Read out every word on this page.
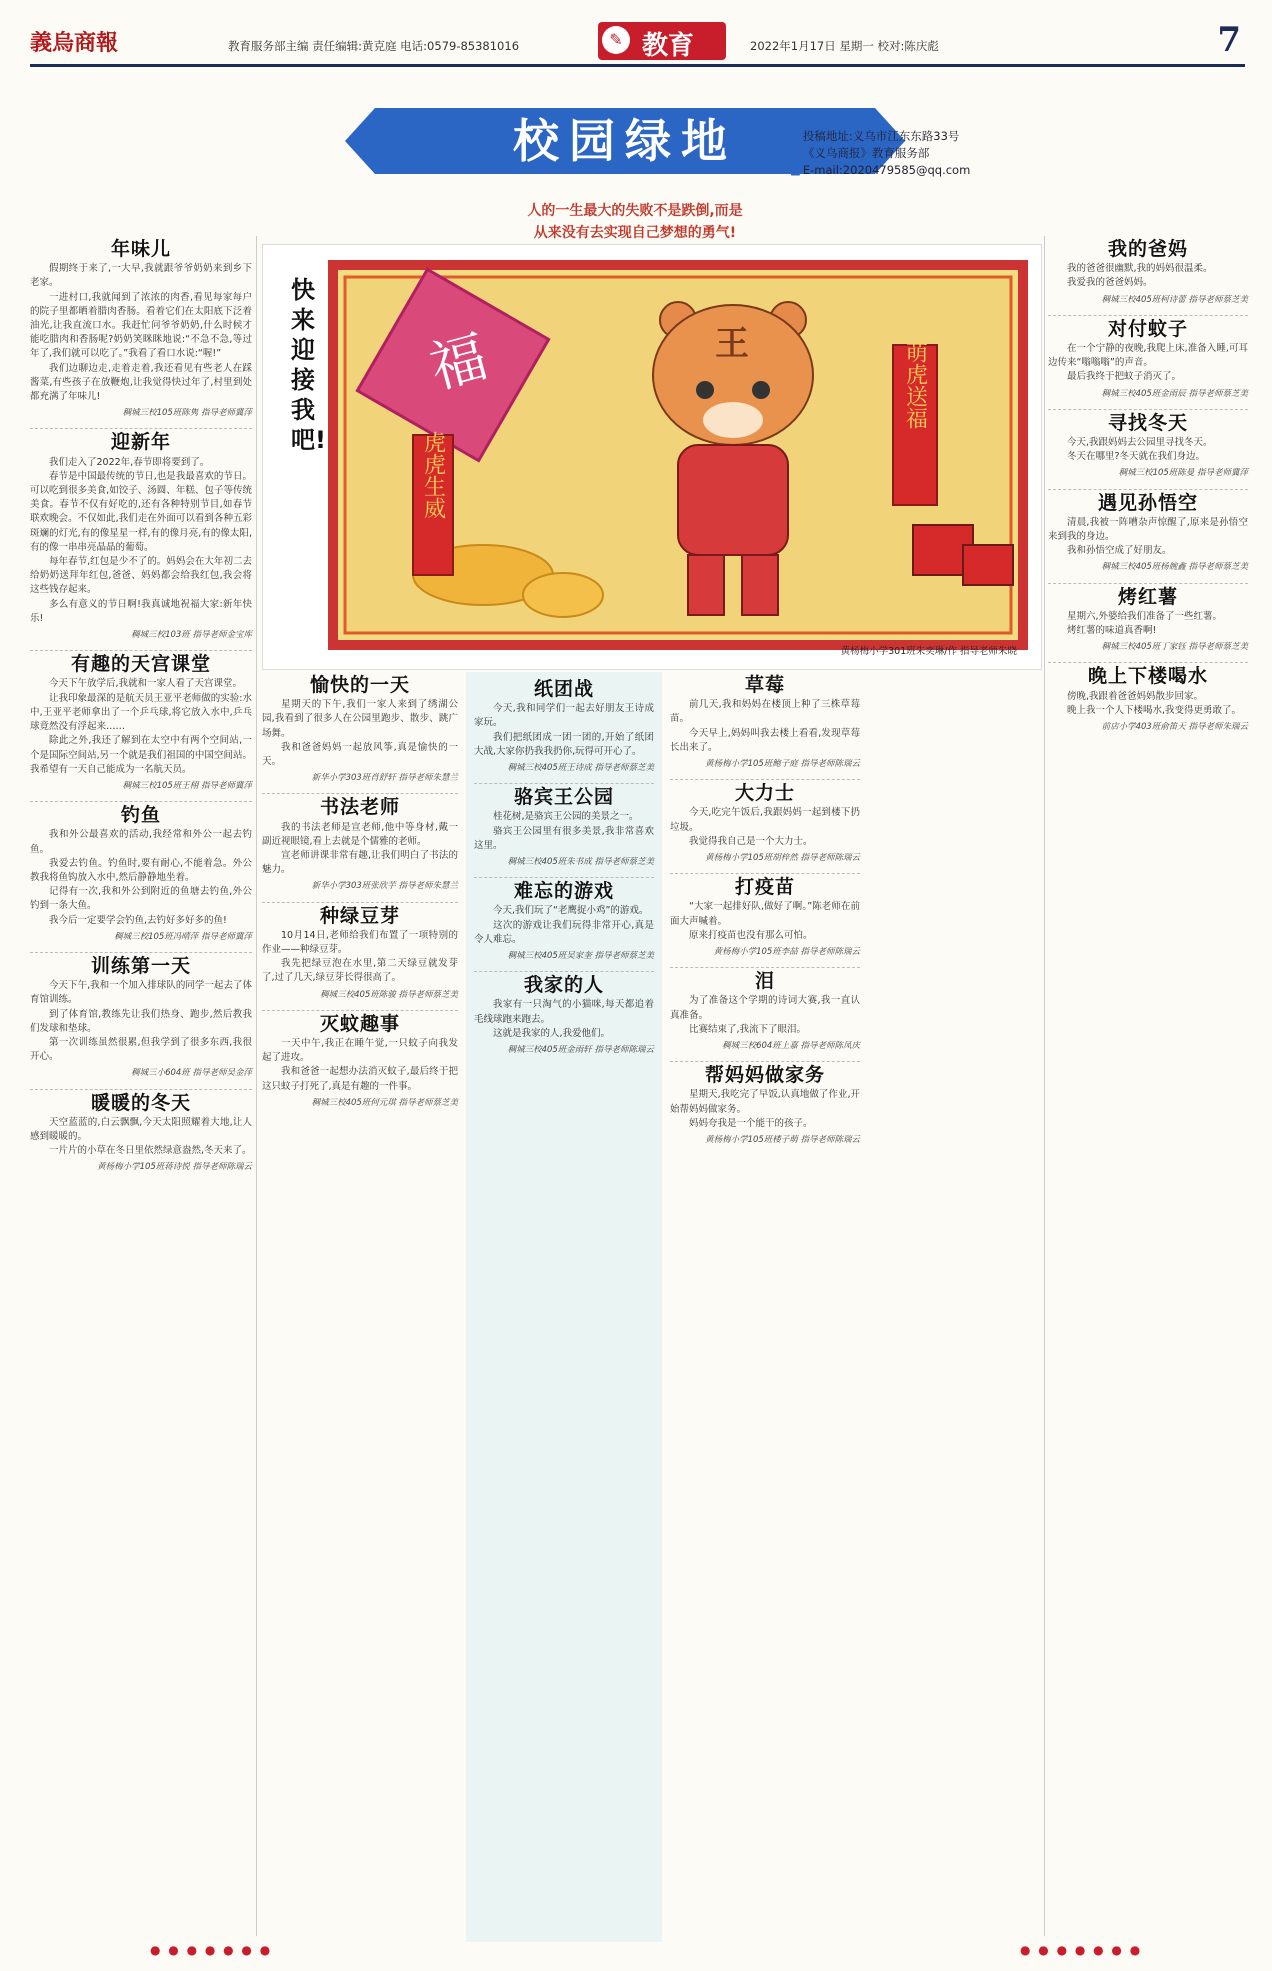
義烏商報	教育服务部主编 责任编辑:黄克庭 电话:0579-85381016	✎ 教育	2022年1月17日 星期一 校对:陈庆彪	7
校园绿地
■	投稿地址:义乌市江东东路33号
■ 《义乌商报》教育服务部
■ E-mail:2020479585@qq.com
人的一生最大的失败不是跌倒,而是
从来没有去实现自己梦想的勇气!
快来迎接我吧!
福
虎虎生威
萌虎送福
王
黄杨梅小学301班朱奕琳/作 指导老师朱晓
年味儿

假期终于来了,一大早,我就跟爷爷奶奶来到乡下老家。

一进村口,我就闻到了浓浓的肉香,看见每家每户的院子里都晒着腊肉香肠。看着它们在太阳底下泛着油光,让我直流口水。我赶忙问爷爷奶奶,什么时候才能吃腊肉和香肠呢?奶奶笑眯眯地说:“不急不急,等过年了,我们就可以吃了。”我看了看口水说:“喔!”

我们边聊边走,走着走着,我还看见有些老人在踩酱菜,有些孩子在放鞭炮,让我觉得快过年了,村里到处都充满了年味儿!

稠城三校105班陈隽 指导老师冀萍

迎新年

我们走入了2022年,春节即将要到了。

春节是中国最传统的节日,也是我最喜欢的节日。可以吃到很多美食,如饺子、汤圆、年糕、包子等传统美食。春节不仅有好吃的,还有各种特别节目,如春节联欢晚会。不仅如此,我们走在外面可以看到各种五彩斑斓的灯光,有的像星星一样,有的像月亮,有的像太阳,有的像一串串亮晶晶的葡萄。

每年春节,红包是少不了的。妈妈会在大年初二去给奶奶送拜年红包,爸爸、妈妈都会给我红包,我会将这些钱存起来。

多么有意义的节日啊!我真诚地祝福大家:新年快乐!

稠城三校103班 指导老师金宝库

有趣的天宫课堂

今天下午放学后,我就和一家人看了天宫课堂。

让我印象最深的是航天员王亚平老师做的实验:水中,王亚平老师拿出了一个乒乓球,将它放入水中,乒乓球竟然没有浮起来……

除此之外,我还了解到在太空中有两个空间站,一个是国际空间站,另一个就是我们祖国的中国空间站。我希望有一天自己能成为一名航天员。

稠城三校105班王栩 指导老师冀萍

钓鱼

我和外公最喜欢的活动,我经常和外公一起去钓鱼。

我爱去钓鱼。钓鱼时,要有耐心,不能着急。外公教我将鱼钩放入水中,然后静静地坐着。

记得有一次,我和外公到附近的鱼塘去钓鱼,外公钓到一条大鱼。

我今后一定要学会钓鱼,去钓好多好多的鱼!

稠城三校105班冯晴萍 指导老师冀萍

训练第一天

今天下午,我和一个加入排球队的同学一起去了体育馆训练。

到了体育馆,教练先让我们热身、跑步,然后教我们发球和垫球。

第一次训练虽然很累,但我学到了很多东西,我很开心。

稠城三小604班 指导老师吴金萍

暖暖的冬天

天空蓝蓝的,白云飘飘,今天太阳照耀着大地,让人感到暖暖的。

一片片的小草在冬日里依然绿意盎然,冬天来了。

黄杨梅小学105班蒋诗悦 指导老师陈瑞云

愉快的一天

星期天的下午,我们一家人来到了绣湖公园,我看到了很多人在公园里跑步、散步、跳广场舞。

我和爸爸妈妈一起放风筝,真是愉快的一天。

新华小学303班肖舒轩 指导老师朱慧兰

书法老师

我的书法老师是宣老师,他中等身材,戴一副近视眼镜,看上去就是个儒雅的老师。

宣老师讲课非常有趣,让我们明白了书法的魅力。

新华小学303班张欣芋 指导老师朱慧兰

种绿豆芽

10月14日,老师给我们布置了一项特别的作业——种绿豆芽。

我先把绿豆泡在水里,第二天绿豆就发芽了,过了几天,绿豆芽长得很高了。

稠城三校405班陈骏 指导老师蔡芝美

灭蚊趣事

一天中午,我正在睡午觉,一只蚊子向我发起了进攻。

我和爸爸一起想办法消灭蚊子,最后终于把这只蚊子打死了,真是有趣的一件事。

稠城三校405班何元琪 指导老师蔡芝美

纸团战

今天,我和同学们一起去好朋友王诗成家玩。

我们把纸团成一团一团的,开始了纸团大战,大家你扔我我扔你,玩得可开心了。

稠城三校405班王诗成 指导老师蔡芝美

骆宾王公园

桂花树,是骆宾王公园的美景之一。

骆宾王公园里有很多美景,我非常喜欢这里。

稠城三校405班朱书成 指导老师蔡芝美

难忘的游戏

今天,我们玩了“老鹰捉小鸡”的游戏。

这次的游戏让我们玩得非常开心,真是令人难忘。

稠城三校405班吴家奎 指导老师蔡芝美

我家的人

我家有一只淘气的小猫咪,每天都追着毛线球跑来跑去。

这就是我家的人,我爱他们。

稠城三校405班金雨轩 指导老师陈瑞云

草莓

前几天,我和妈妈在楼顶上种了三株草莓苗。

今天早上,妈妈叫我去楼上看看,发现草莓长出来了。

黄杨梅小学105班鲍子庭 指导老师陈瑞云

大力士

今天,吃完午饭后,我跟妈妈一起到楼下扔垃圾。

我觉得我自己是一个大力士。

黄杨梅小学105班胡梓然 指导老师陈瑞云

打疫苗

“大家一起排好队,做好了啊。”陈老师在前面大声喊着。

原来打疫苗也没有那么可怕。

黄杨梅小学105班李喆 指导老师陈瑞云

泪

为了准备这个学期的诗词大赛,我一直认真准备。

比赛结束了,我流下了眼泪。

稠城三校604班上嘉 指导老师陈凤庆

帮妈妈做家务

星期天,我吃完了早饭,认真地做了作业,开始帮妈妈做家务。

妈妈夸我是一个能干的孩子。

黄杨梅小学105班楼子萌 指导老师陈瑞云

我的爸妈

我的爸爸很幽默,我的妈妈很温柔。

我爱我的爸爸妈妈。

稠城三校405班柯诗蕾 指导老师蔡芝美

对付蚊子

在一个宁静的夜晚,我爬上床,准备入睡,可耳边传来“嗡嗡嗡”的声音。

最后我终于把蚊子消灭了。

稠城三校405班金雨辰 指导老师蔡芝美

寻找冬天

今天,我跟妈妈去公园里寻找冬天。

冬天在哪里?冬天就在我们身边。

稠城三校105班陈曼 指导老师冀萍

遇见孙悟空

清晨,我被一阵嘈杂声惊醒了,原来是孙悟空来到我的身边。

我和孙悟空成了好朋友。

稠城三校405班杨婉鑫 指导老师蔡芝美

烤红薯

星期六,外婆给我们准备了一些红薯。

烤红薯的味道真香啊!

稠城三校405班丁家钰 指导老师蔡芝美

晚上下楼喝水

傍晚,我跟着爸爸妈妈散步回家。

晚上我一个人下楼喝水,我变得更勇敢了。

前店小学403班俞笛天 指导老师朱瑞云

● ● ● ● ● ● ●	● ● ● ● ● ● ●
